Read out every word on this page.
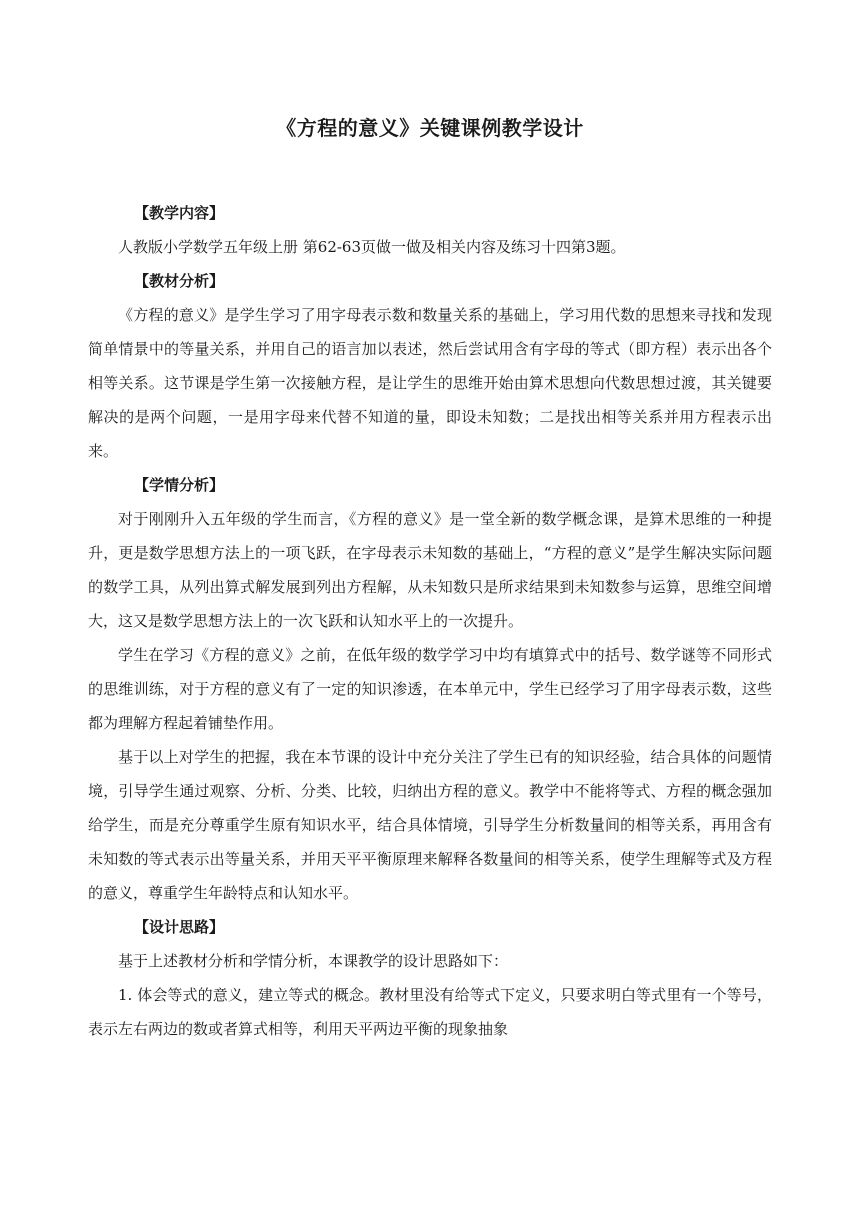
《方程的意义》关键课例教学设计

【教学内容】

人教版小学数学五年级上册 第62-63页做一做及相关内容及练习十四第3题。

【教材分析】

《方程的意义》是学生学习了用字母表示数和数量关系的基础上，学习用代数的思想来寻找和发现简单情景中的等量关系，并用自己的语言加以表述，然后尝试用含有字母的等式（即方程）表示出各个相等关系。这节课是学生第一次接触方程，是让学生的思维开始由算术思想向代数思想过渡，其关键要解决的是两个问题，一是用字母来代替不知道的量，即设未知数；二是找出相等关系并用方程表示出来。

【学情分析】

对于刚刚升入五年级的学生而言，《方程的意义》是一堂全新的数学概念课，是算术思维的一种提升，更是数学思想方法上的一项飞跃，在字母表示未知数的基础上，“方程的意义”是学生解决实际问题的数学工具，从列出算式解发展到列出方程解，从未知数只是所求结果到未知数参与运算，思维空间增大，这又是数学思想方法上的一次飞跃和认知水平上的一次提升。

学生在学习《方程的意义》之前，在低年级的数学学习中均有填算式中的括号、数学谜等不同形式的思维训练，对于方程的意义有了一定的知识渗透，在本单元中，学生已经学习了用字母表示数，这些都为理解方程起着铺垫作用。

基于以上对学生的把握，我在本节课的设计中充分关注了学生已有的知识经验，结合具体的问题情境，引导学生通过观察、分析、分类、比较，归纳出方程的意义。教学中不能将等式、方程的概念强加给学生，而是充分尊重学生原有知识水平，结合具体情境，引导学生分析数量间的相等关系，再用含有未知数的等式表示出等量关系，并用天平平衡原理来解释各数量间的相等关系，使学生理解等式及方程的意义，尊重学生年龄特点和认知水平。

【设计思路】

基于上述教材分析和学情分析，本课教学的设计思路如下：

1. 体会等式的意义，建立等式的概念。教材里没有给等式下定义，只要求明白等式里有一个等号，表示左右两边的数或者算式相等，利用天平两边平衡的现象抽象
